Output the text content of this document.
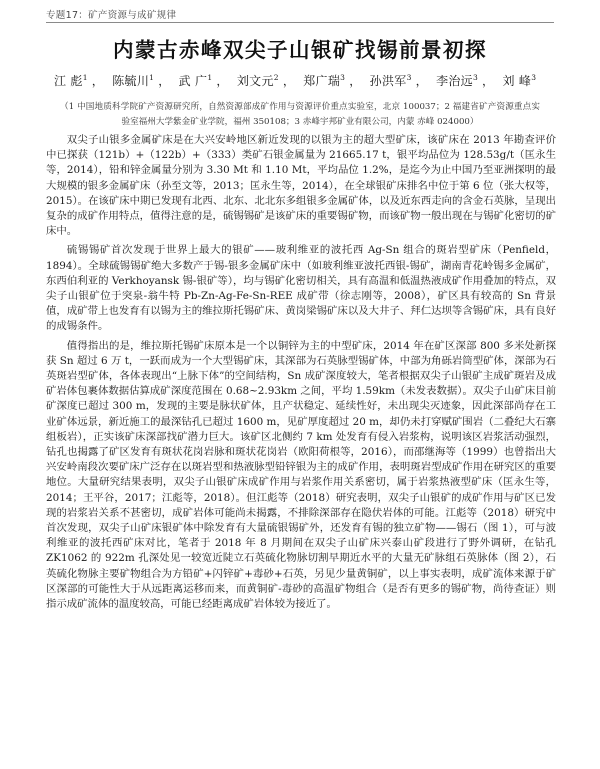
专题17：矿产资源与成矿规律
内蒙古赤峰双尖子山银矿找锡前景初探
江 彪$^1$ ， 陈毓川$^1$ ， 武 广$^1$ ， 刘文元$^2$ ， 郑广瑞$^3$ ， 孙洪军$^3$ ， 李治远$^3$ ， 刘 峰$^3$
（1 中国地质科学院矿产资源研究所，自然资源部成矿作用与资源评价重点实验室，北京 100037；2 福建省矿产资源重点实验室福州大学紫金矿业学院，福州 350108；3 赤峰宇邦矿业有限公司，内蒙 赤峰 024000）

双尖子山银多金属矿床是在大兴安岭地区新近发现的以银为主的超大型矿床，该矿床在 2013 年勘查评价中已探获（121b）+（122b）+（333）类矿石银金属量为 21665.17 t，银平均品位为 128.53g/t（匡永生等，2014），铅和锌金属量分别为 3.30 Mt 和 1.10 Mt，平均品位 1.2%，是迄今为止中国乃至亚洲探明的最大规模的银多金属矿床（孙至文等，2013；匡永生等，2014），在全球银矿床排名中位于第 6 位（张大权等，2015）。在该矿床中期已发现有北西、北东、北北东多组银多金属矿体，以及近东西走向的含金石英脉，呈现出复杂的成矿作用特点，值得注意的是，硫锡锡矿是该矿床的重要锡矿物，而该矿物一般出现在与锡矿化密切的矿床中。

硫锡锡矿首次发现于世界上最大的银矿——玻利维亚的波托西 Ag-Sn 组合的斑岩型矿床（Penfield，1894）。全球硫锡锡矿绝大多数产于锡-银多金属矿床中（如玻利维亚波托西银-锡矿，湖南青花岭锡多金属矿，东西伯利亚的 Verkhoyansk 锡-银矿等），均与锡矿化密切相关，具有高温和低温热液成矿作用叠加的特点，双尖子山银矿位于突泉-翁牛特 Pb-Zn-Ag-Fe-Sn-REE 成矿带（徐志刚等，2008），矿区具有较高的 Sn 背景值，成矿带上也发育有以锡为主的维拉斯托锡矿床、黄岗梁锡矿床以及大井子、拜仁达坝等含锡矿床，具有良好的成锡条件。

值得指出的是，维拉斯托锡矿床原本是一个以铜锌为主的中型矿床，2014 年在矿区深部 800 多米处新探获 Sn 超过 6 万 t，一跃而成为一个大型锡矿床，其深部为石英脉型锡矿体，中部为角砾岩筒型矿体，深部为石英斑岩型矿体，各体表现出“上脉下体”的空间结构，Sn 成矿深度较大，笔者根据双尖子山银矿主成矿斑岩及成矿岩体包裹体数据估算成矿深度范围在 0.68~2.93km 之间，平均 1.59km（未发表数据）。双尖子山矿床目前矿深度已超过 300 m，发现的主要是脉状矿体，且产状稳定、延续性好，未出现尖灭迹象，因此深部尚存在工业矿体远景，新近施工的最深钻孔已超过 1600 m，见矿厚度超过 20 m，却仍未打穿赋矿围岩（二叠纪大石寨组板岩），正实该矿床深部找矿潜力巨大。该矿区北侧约 7 km 处发育有侵入岩浆构，说明该区岩浆活动强烈，钻孔也揭露了矿区发育有斑状花岗岩脉和斑状花岗岩（欧阳荷根等，2016），而邵继海等（1999）也曾指出大兴安岭南段次要矿床广泛存在以斑岩型和热液脉型铅锌银为主的成矿作用，表明斑岩型成矿作用在研究区的重要地位。大量研究结果表明，双尖子山银矿床成矿作用与岩浆作用关系密切，属于岩浆热液型矿床（匡永生等，2014；王平谷，2017；江彪等，2018）。但江彪等（2018）研究表明，双尖子山银矿的成矿作用与矿区已发现的岩浆岩关系不甚密切，成矿岩体可能尚未揭露，不排除深部存在隐伏岩体的可能。江彪等（2018）研究中首次发现，双尖子山矿床银矿体中除发育有大量硫银锡矿外，还发育有锡的独立矿物——锡石（图 1），可与波利维亚的波托西矿床对比，笔者于 2018 年 8 月期间在双尖子山矿床兴泰山矿段进行了野外调研，在钻孔 ZK1062 的 922m 孔深处见一较宽近陡立石英硫化物脉切割早期近水平的大量无矿脉组石英脉体（图 2），石英硫化物脉主要矿物组合为方铅矿+闪锌矿+毒砂+石英，另见少量黄铜矿，以上事实表明，成矿流体来源于矿区深部的可能性大于从远距离运移而来，而黄铜矿-毒砂的高温矿物组合（是否有更多的锡矿物，尚待查证）则指示成矿流体的温度较高，可能已经距离成矿岩体较为接近了。
